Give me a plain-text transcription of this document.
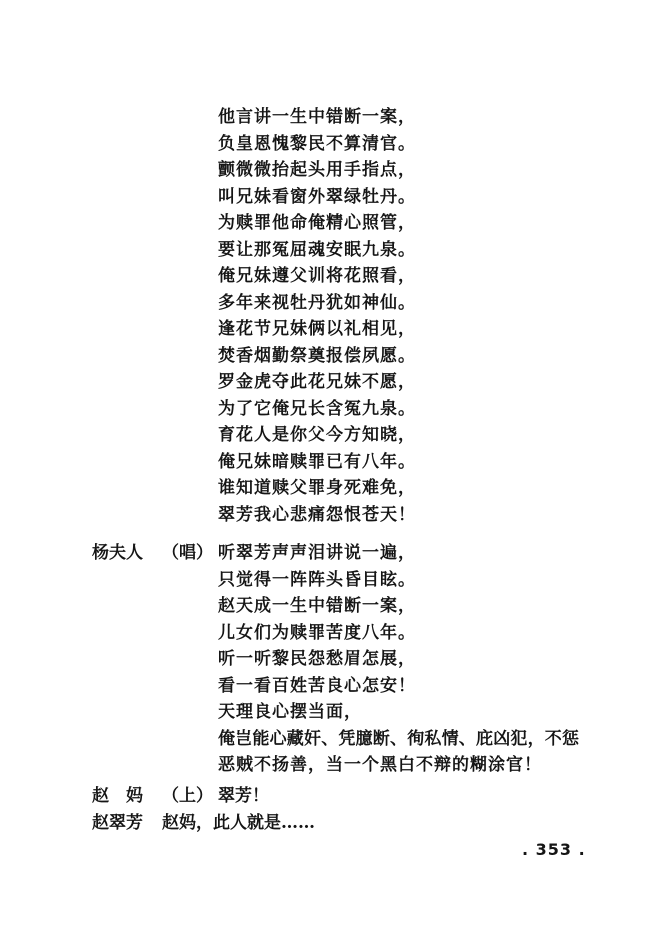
他言讲一生中错断一案，
负皇恩愧黎民不算清官。
颤微微抬起头用手指点，
叫兄妹看窗外翠绿牡丹。
为赎罪他命俺精心照管，
要让那冤屈魂安眠九泉。
俺兄妹遵父训将花照看，
多年来视牡丹犹如神仙。
逢花节兄妹俩以礼相见，
焚香烟勤祭奠报偿夙愿。
罗金虎夺此花兄妹不愿，
为了它俺兄长含冤九泉。
育花人是你父今方知晓，
俺兄妹暗赎罪已有八年。
谁知道赎父罪身死难免，
翠芳我心悲痛怨恨苍天！
杨夫人 （唱） 听翠芳声声泪讲说一遍，
只觉得一阵阵头昏目眩。
赵天成一生中错断一案，
儿女们为赎罪苦度八年。
听一听黎民怨愁眉怎展，
看一看百姓苦良心怎安！
天理良心摆当面，
俺岂能心藏奸、凭臆断、徇私情、庇凶犯，不惩
恶贼不扬善，当一个黑白不辩的糊涂官！
赵　妈 （上） 翠芳！
赵翠芳 赵妈，此人就是……
. 353 .
